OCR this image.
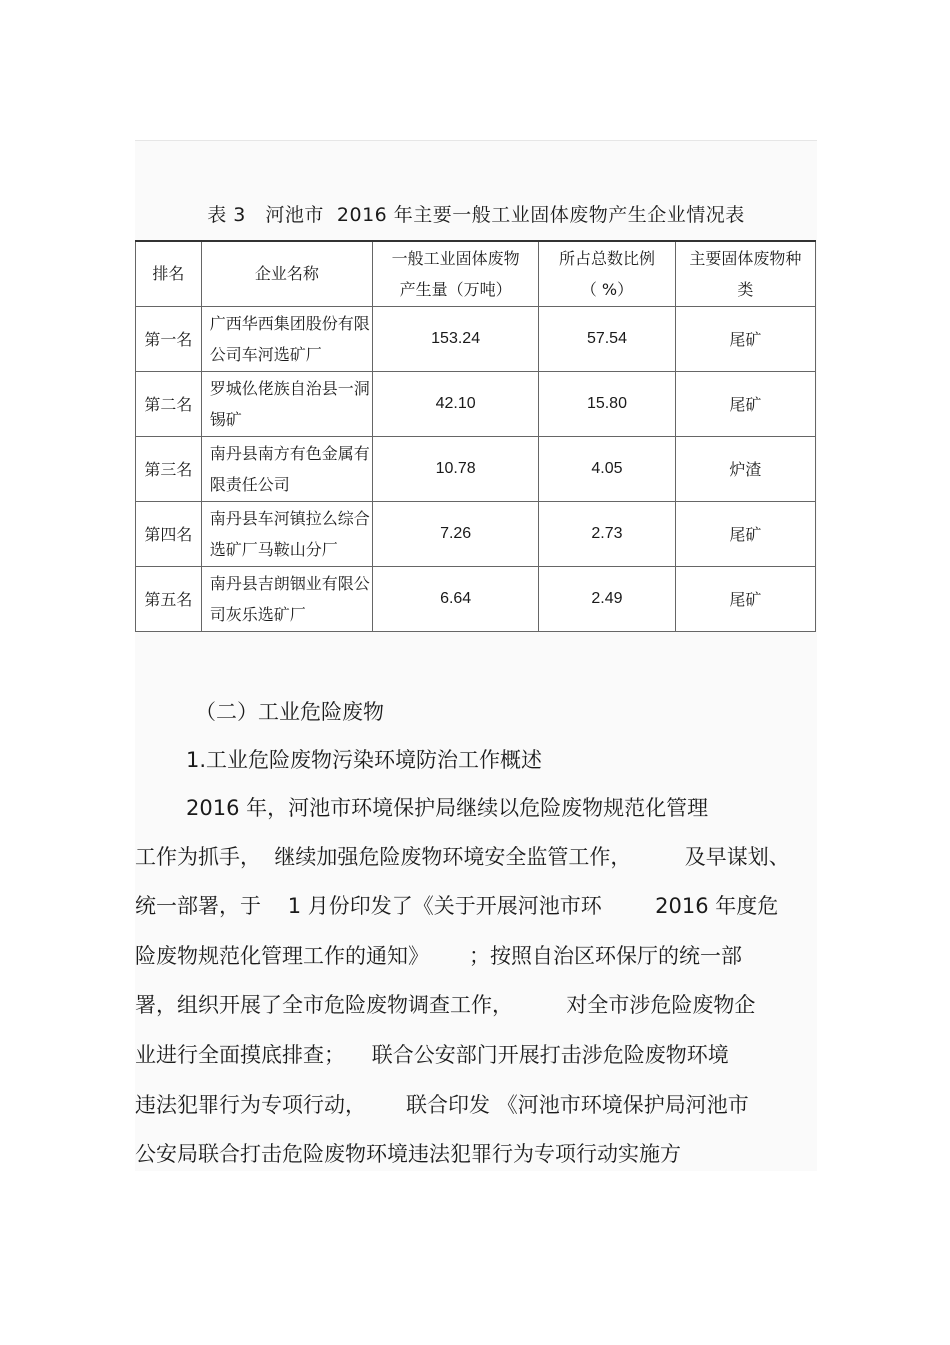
表 3　河池市  2016 年主要一般工业固体废物产生企业情况表
排名	企业名称	一般工业固体废物产生量（万吨）	所占总数比例（ %）	主要固体废物种类
第一名	广西华西集团股份有限公司车河选矿厂	153.24	57.54	尾矿
第二名	罗城仫佬族自治县一洞锡矿	42.10	15.80	尾矿
第三名	南丹县南方有色金属有限责任公司	10.78	4.05	炉渣
第四名	南丹县车河镇拉么综合选矿厂马鞍山分厂	7.26	2.73	尾矿
第五名	南丹县吉朗铟业有限公司灰乐选矿厂	6.64	2.49	尾矿
（二）工业危险废物
1.工业危险废物污染环境防治工作概述
2016 年，河池市环境保护局继续以危险废物规范化管理
工作为抓手，  继续加强危险废物环境安全监管工作，        及早谋划、
统一部署，于    1 月份印发了《关于开展河池市环        2016 年度危
险废物规范化管理工作的通知》      ；按照自治区环保厅的统一部
署，组织开展了全市危险废物调查工作，        对全市涉危险废物企
业进行全面摸底排查；    联合公安部门开展打击涉危险废物环境
违法犯罪行为专项行动，      联合印发 《河池市环境保护局河池市
公安局联合打击危险废物环境违法犯罪行为专项行动实施方
